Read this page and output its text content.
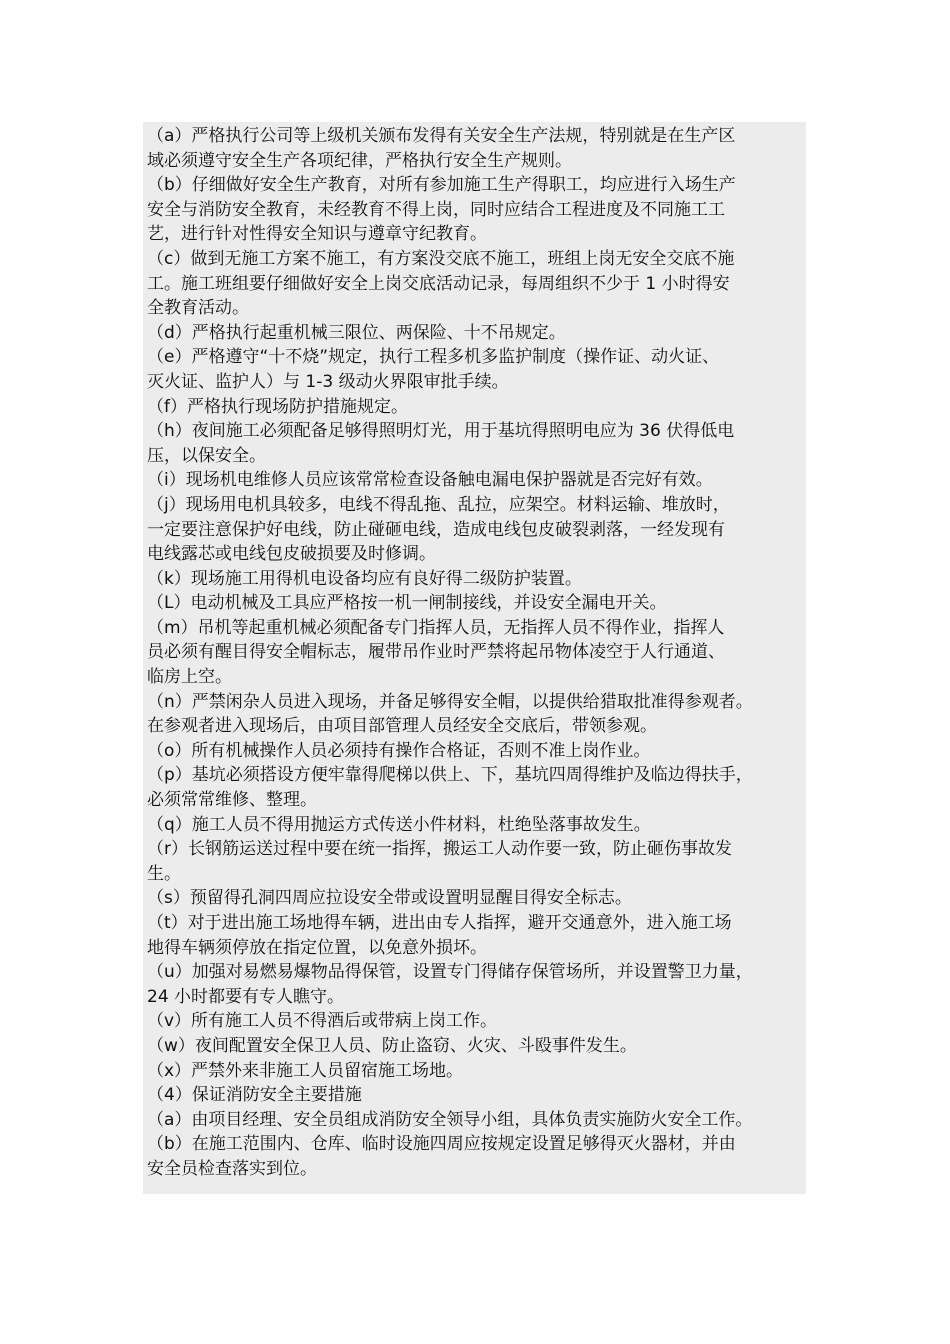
（a）严格执行公司等上级机关颁布发得有关安全生产法规，特别就是在生产区
域必须遵守安全生产各项纪律，严格执行安全生产规则。
（b）仔细做好安全生产教育，对所有参加施工生产得职工，均应进行入场生产
安全与消防安全教育，未经教育不得上岗，同时应结合工程进度及不同施工工
艺，进行针对性得安全知识与遵章守纪教育。
（c）做到无施工方案不施工，有方案没交底不施工，班组上岗无安全交底不施
工。施工班组要仔细做好安全上岗交底活动记录，每周组织不少于 1 小时得安
全教育活动。
（d）严格执行起重机械三限位、两保险、十不吊规定。
（e）严格遵守“十不烧”规定，执行工程多机多监护制度（操作证、动火证、
灭火证、监护人）与 1-3 级动火界限审批手续。
（f）严格执行现场防护措施规定。
（h）夜间施工必须配备足够得照明灯光，用于基坑得照明电应为 36 伏得低电
压，以保安全。
（i）现场机电维修人员应该常常检查设备触电漏电保护器就是否完好有效。
（j）现场用电机具较多，电线不得乱拖、乱拉，应架空。材料运输、堆放时，
一定要注意保护好电线，防止碰砸电线，造成电线包皮破裂剥落，一经发现有
电线露芯或电线包皮破损要及时修调。
（k）现场施工用得机电设备均应有良好得二级防护装置。
（L）电动机械及工具应严格按一机一闸制接线，并设安全漏电开关。
（m）吊机等起重机械必须配备专门指挥人员，无指挥人员不得作业，指挥人
员必须有醒目得安全帽标志，履带吊作业时严禁将起吊物体凌空于人行通道、
临房上空。
（n）严禁闲杂人员进入现场，并备足够得安全帽，以提供给猎取批准得参观者。
在参观者进入现场后，由项目部管理人员经安全交底后，带领参观。
（o）所有机械操作人员必须持有操作合格证，否则不准上岗作业。
（p）基坑必须搭设方便牢靠得爬梯以供上、下，基坑四周得维护及临边得扶手，
必须常常维修、整理。
（q）施工人员不得用抛运方式传送小件材料，杜绝坠落事故发生。
（r）长钢筋运送过程中要在统一指挥，搬运工人动作要一致，防止砸伤事故发
生。
（s）预留得孔洞四周应拉设安全带或设置明显醒目得安全标志。
（t）对于进出施工场地得车辆，进出由专人指挥，避开交通意外，进入施工场
地得车辆须停放在指定位置，以免意外损坏。
（u）加强对易燃易爆物品得保管，设置专门得储存保管场所，并设置警卫力量，
24 小时都要有专人瞧守。
（v）所有施工人员不得酒后或带病上岗工作。
（w）夜间配置安全保卫人员、防止盗窃、火灾、斗殴事件发生。
（x）严禁外来非施工人员留宿施工场地。
（4）保证消防安全主要措施
（a）由项目经理、安全员组成消防安全领导小组，具体负责实施防火安全工作。
（b）在施工范围内、仓库、临时设施四周应按规定设置足够得灭火器材，并由
安全员检查落实到位。
